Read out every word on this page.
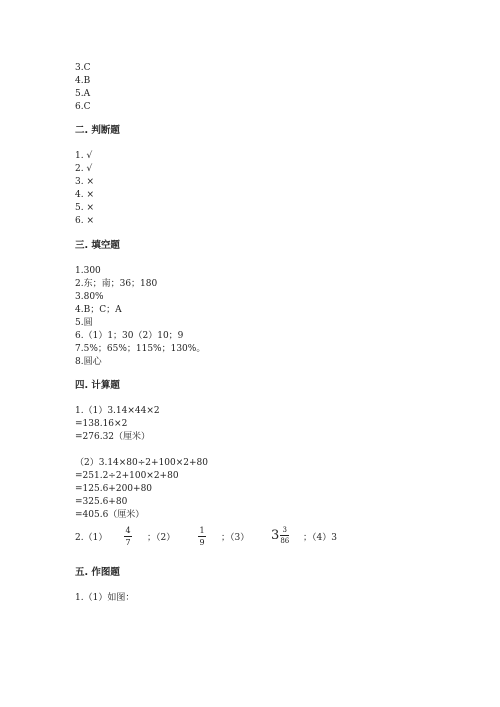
3.C
4.B
5.A
6.C
二. 判断题
1. √
2. √
3. ×
4. ×
5. ×
6. ×
三. 填空题
1.300
2.东；南；36；180
3.80%
4.B；C；A
5.圆
6.（1）1；30（2）10；9
7.5%；65%；115%；130%。
8.圆心
四. 计算题
1.（1）3.14×44×2
=138.16×2
=276.32（厘米）
（2）3.14×80÷2+100×2+80
=251.2÷2+100×2+80
=125.6+200+80
=325.6+80
=405.6（厘米）
2.（1）
4
7 ；（2）
1
9 ；（3） $3 \frac{3}{86}$ ；（4）3
五. 作图题
1.（1）如图：
